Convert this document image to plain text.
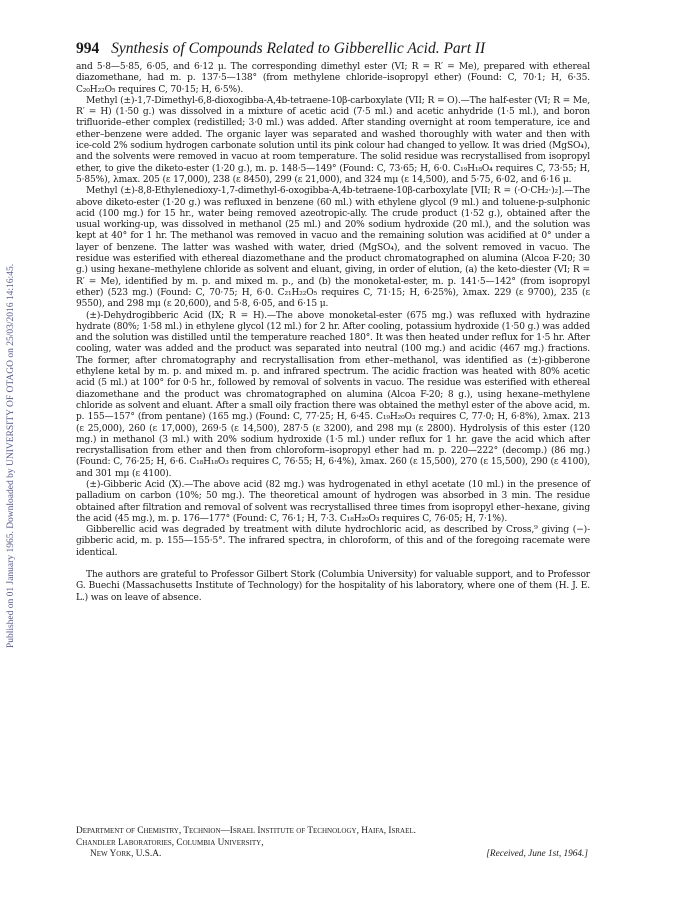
Published on 01 January 1965. Downloaded by UNIVERSITY OF OTAGO on 25/03/2016 14:16:45.
994 Synthesis of Compounds Related to Gibberellic Acid. Part II

and 5·8—5·85, 6·05, and 6·12 μ. The corresponding dimethyl ester (VI; R = R′ = Me), prepared with ethereal diazomethane, had m. p. 137·5—138° (from methylene chloride–isopropyl ether) (Found: C, 70·1; H, 6·35. C₂₀H₂₂O₅ requires C, 70·15; H, 6·5%).

Methyl (±)-1,7-Dimethyl-6,8-dioxogibba-A,4b-tetraene-10β-carboxylate (VII; R = O).—The half-ester (VI; R = Me, R′ = H) (1·50 g.) was dissolved in a mixture of acetic acid (7·5 ml.) and acetic anhydride (1·5 ml.), and boron trifluoride–ether complex (redistilled; 3·0 ml.) was added. After standing overnight at room temperature, ice and ether–benzene were added. The organic layer was separated and washed thoroughly with water and then with ice-cold 2% sodium hydrogen carbonate solution until its pink colour had changed to yellow. It was dried (MgSO₄), and the solvents were removed in vacuo at room temperature. The solid residue was recrystallised from isopropyl ether, to give the diketo-ester (1·20 g.), m. p. 148·5—149° (Found: C, 73·65; H, 6·0. C₁₉H₁₈O₄ requires C, 73·55; H, 5·85%), λmax. 205 (ε 17,000), 238 (ε 8450), 299 (ε 21,000), and 324 mμ (ε 14,500), and 5·75, 6·02, and 6·16 μ.

Methyl (±)-8,8-Ethylenedioxy-1,7-dimethyl-6-oxogibba-A,4b-tetraene-10β-carboxylate [VII; R = (·O·CH₂·)₂].—The above diketo-ester (1·20 g.) was refluxed in benzene (60 ml.) with ethylene glycol (9 ml.) and toluene-p-sulphonic acid (100 mg.) for 15 hr., water being removed azeotropic-ally. The crude product (1·52 g.), obtained after the usual working-up, was dissolved in methanol (25 ml.) and 20% sodium hydroxide (20 ml.), and the solution was kept at 40° for 1 hr. The methanol was removed in vacuo and the remaining solution was acidified at 0° under a layer of benzene. The latter was washed with water, dried (MgSO₄), and the solvent removed in vacuo. The residue was esterified with ethereal diazomethane and the product chromatographed on alumina (Alcoa F-20; 30 g.) using hexane–methylene chloride as solvent and eluant, giving, in order of elution, (a) the keto-diester (VI; R = R′ = Me), identified by m. p. and mixed m. p., and (b) the monoketal-ester, m. p. 141·5—142° (from isopropyl ether) (523 mg.) (Found: C, 70·75; H, 6·0. C₂₁H₂₂O₅ requires C, 71·15; H, 6·25%), λmax. 229 (ε 9700), 235 (ε 9550), and 298 mμ (ε 20,600), and 5·8, 6·05, and 6·15 μ.

(±)-Dehydrogibberic Acid (IX; R = H).—The above monoketal-ester (675 mg.) was refluxed with hydrazine hydrate (80%; 1·58 ml.) in ethylene glycol (12 ml.) for 2 hr. After cooling, potassium hydroxide (1·50 g.) was added and the solution was distilled until the temperature reached 180°. It was then heated under reflux for 1·5 hr. After cooling, water was added and the product was separated into neutral (100 mg.) and acidic (467 mg.) fractions. The former, after chromatography and recrystallisation from ether–methanol, was identified as (±)-gibberone ethylene ketal by m. p. and mixed m. p. and infrared spectrum. The acidic fraction was heated with 80% acetic acid (5 ml.) at 100° for 0·5 hr., followed by removal of solvents in vacuo. The residue was esterified with ethereal diazomethane and the product was chromatographed on alumina (Alcoa F-20; 8 g.), using hexane–methylene chloride as solvent and eluant. After a small oily fraction there was obtained the methyl ester of the above acid, m. p. 155—157° (from pentane) (165 mg.) (Found: C, 77·25; H, 6·45. C₁₉H₂₀O₃ requires C, 77·0; H, 6·8%), λmax. 213 (ε 25,000), 260 (ε 17,000), 269·5 (ε 14,500), 287·5 (ε 3200), and 298 mμ (ε 2800). Hydrolysis of this ester (120 mg.) in methanol (3 ml.) with 20% sodium hydroxide (1·5 ml.) under reflux for 1 hr. gave the acid which after recrystallisation from ether and then from chloroform–isopropyl ether had m. p. 220—222° (decomp.) (86 mg.) (Found: C, 76·25; H, 6·6. C₁₈H₁₈O₃ requires C, 76·55; H, 6·4%), λmax. 260 (ε 15,500), 270 (ε 15,500), 290 (ε 4100), and 301 mμ (ε 4100).

(±)-Gibberic Acid (X).—The above acid (82 mg.) was hydrogenated in ethyl acetate (10 ml.) in the presence of palladium on carbon (10%; 50 mg.). The theoretical amount of hydrogen was absorbed in 3 min. The residue obtained after filtration and removal of solvent was recrystallised three times from isopropyl ether–hexane, giving the acid (45 mg.), m. p. 176—177° (Found: C, 76·1; H, 7·3. C₁₈H₂₀O₃ requires C, 76·05; H, 7·1%).

Gibberellic acid was degraded by treatment with dilute hydrochloric acid, as described by Cross,⁹ giving (−)-gibberic acid, m. p. 155—155·5°. The infrared spectra, in chloroform, of this and of the foregoing racemate were identical.

The authors are grateful to Professor Gilbert Stork (Columbia University) for valuable support, and to Professor G. Buechi (Massachusetts Institute of Technology) for the hospitality of his laboratory, where one of them (H. J. E. L.) was on leave of absence.

Department of Chemistry, Technion—Israel Institute of Technology, Haifa, Israel.
Chandler Laboratories, Columbia University,
New York, U.S.A.	[Received, June 1st, 1964.]
